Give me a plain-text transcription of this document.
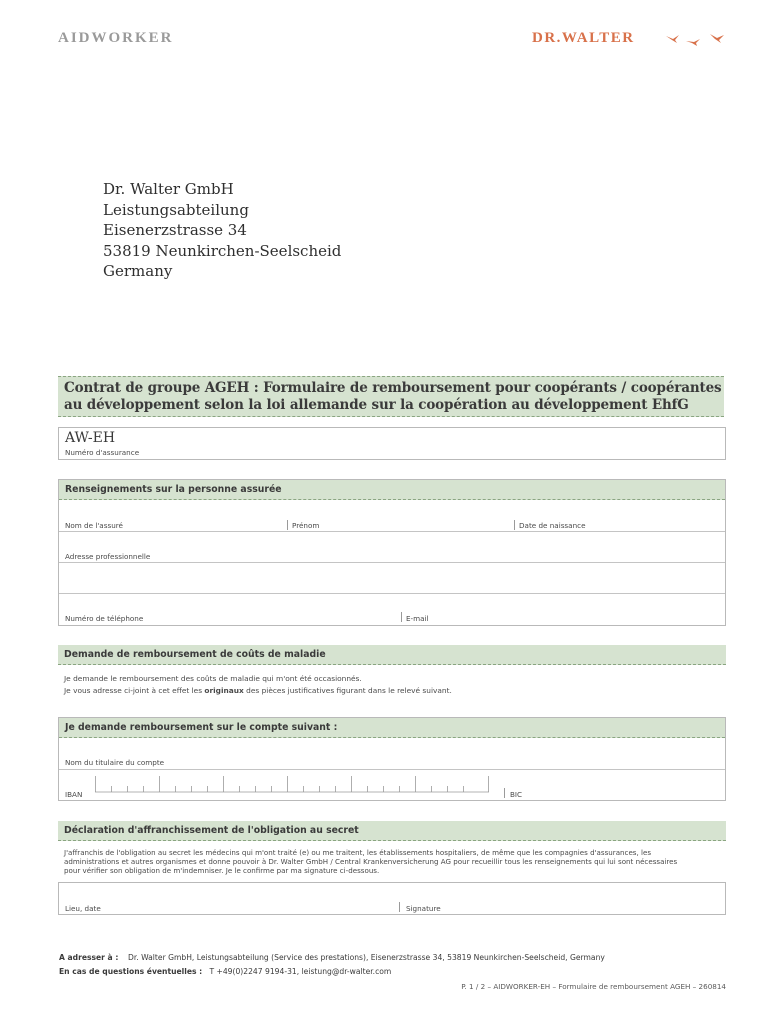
AIDWORKER	DR.WALTER
Dr. Walter GmbH
Leistungsabteilung
Eisenerzstrasse 34
53819 Neunkirchen-Seelscheid
Germany
Contrat de groupe AGEH : Formulaire de remboursement pour coopérants / coopérantes
au développement selon la loi allemande sur la coopération au développement EhfG
AW-EH
Numéro d'assurance
Renseignements sur la personne assurée
Nom de l'assuré	Prénom	Date de naissance
Adresse professionnelle
Numéro de téléphone	E-mail
Demande de remboursement de coûts de maladie
Je demande le remboursement des coûts de maladie qui m'ont été occasionnés.
Je vous adresse ci-joint à cet effet les originaux des pièces justificatives figurant dans le relevé suivant.
Je demande remboursement sur le compte suivant :
Nom du titulaire du compte
IBAN	BIC
Déclaration d'affranchissement de l'obligation au secret
J'affranchis de l'obligation au secret les médecins qui m'ont traité (e) ou me traitent, les établissements hospitaliers, de même que les compagnies d'assurances, les
administrations et autres organismes et donne pouvoir à Dr. Walter GmbH / Central Krankenversicherung AG pour recueillir tous les renseignements qui lui sont nécessaires
pour vérifier son obligation de m'indemniser. Je le confirme par ma signature ci-dessous.
Lieu, date	Signature
A adresser à : Dr. Walter GmbH, Leistungsabteilung (Service des prestations), Eisenerzstrasse 34, 53819 Neunkirchen-Seelscheid, Germany
En cas de questions éventuelles : T +49(0)2247 9194-31, leistung@dr-walter.com
P. 1 / 2 – AIDWORKER-EH – Formulaire de remboursement AGEH – 260814
